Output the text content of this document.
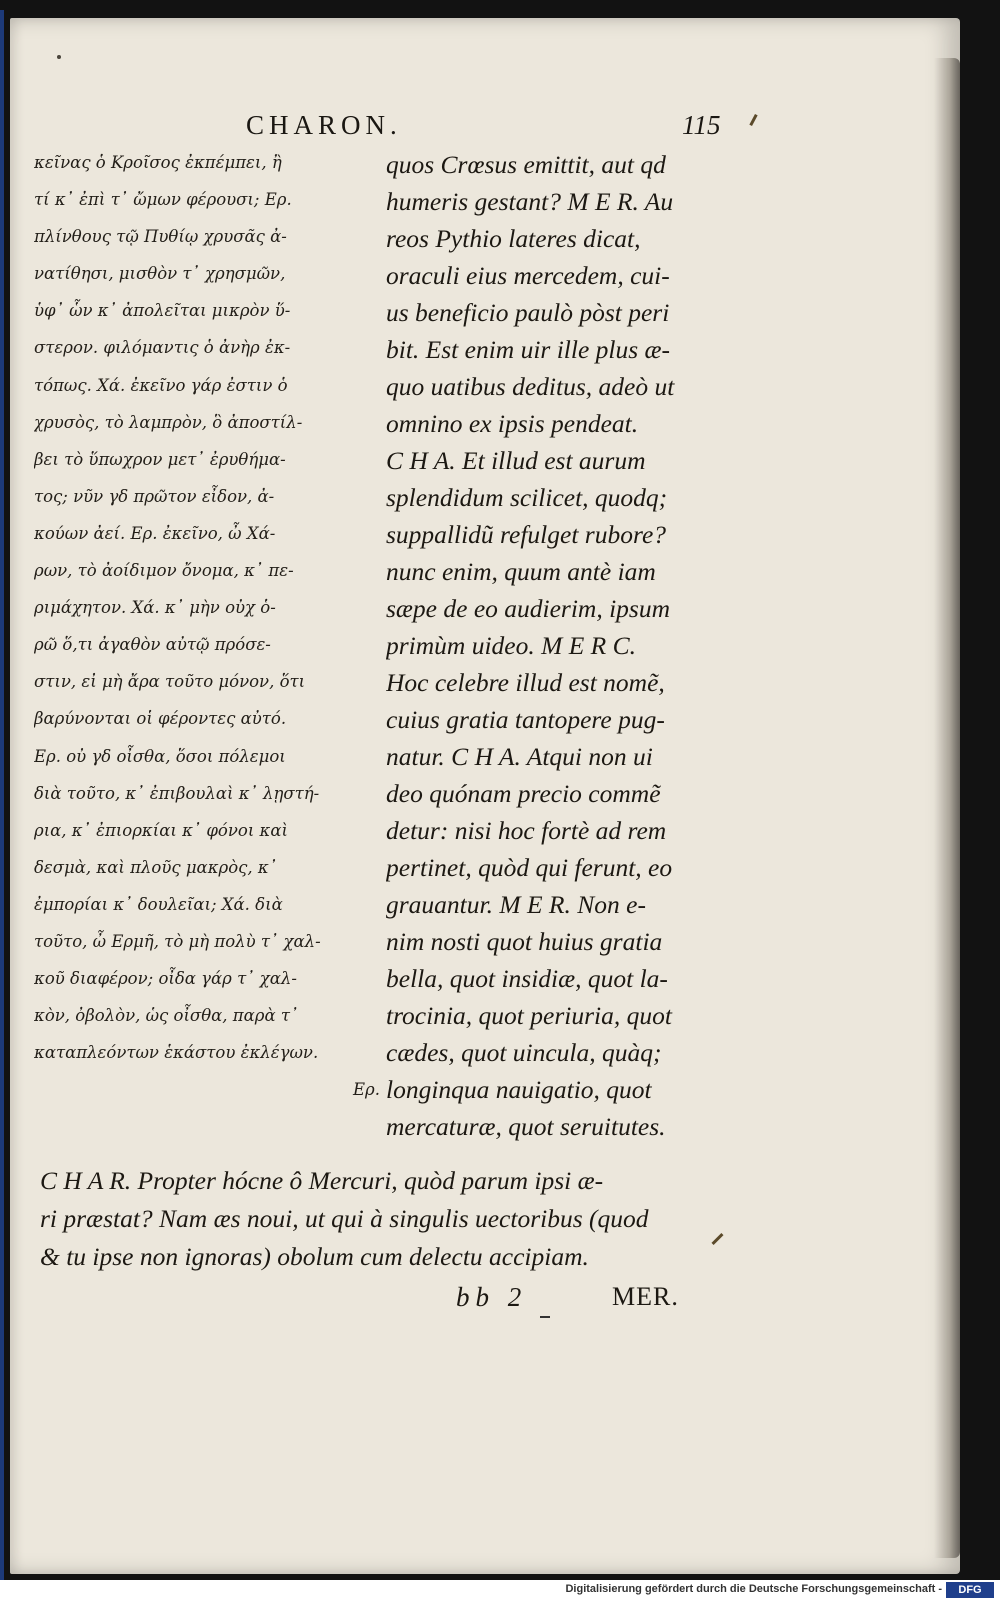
CHARON.	115
κεῖνας ὁ Κροῖσος ἐκπέμπει, ἢ
τί κ᾽ ἐπὶ τ᾽ ὤμων φέρουσι; Ερ.
πλίνθους τῷ Πυθίῳ χρυσᾶς ἀ-
νατίθησι, μισθὸν τ᾽ χρησμῶν,
ὑφ᾽ ὧν κ᾽ ἀπολεῖται μικρὸν ὕ-
στερον. φιλόμαντις ὁ ἀνὴρ ἐκ-
τόπως. Χά. ἐκεῖνο γάρ ἐστιν ὁ
χρυσὸς, τὸ λαμπρὸν, ὃ ἀποστίλ-
βει τὸ ὕπωχρον μετ᾽ ἐρυθήμα-
τος; νῦν γδ πρῶτον εἶδον, ἀ-
κούων ἀεί. Ερ. ἐκεῖνο, ὦ Χά-
ρων, τὸ ἀοίδιμον ὄνομα, κ᾽ πε-
ριμάχητον. Χά. κ᾽ μὴν οὐχ ὁ-
ρῶ ὅ,τι ἀγαθὸν αὐτῷ πρόσε-
στιν, εἰ μὴ ἄρα τοῦτο μόνον, ὅτι
βαρύνονται οἱ φέροντες αὐτό.
Ερ. οὐ γδ οἶσθα, ὅσοι πόλεμοι
διὰ τοῦτο, κ᾽ ἐπιβουλαὶ κ᾽ λῃστή-
ρια, κ᾽ ἐπιορκίαι κ᾽ φόνοι καὶ
δεσμὰ, καὶ πλοῦς μακρὸς, κ᾽
ἐμπορίαι κ᾽ δουλεῖαι; Χά. διὰ
τοῦτο, ὦ Ερμῆ, τὸ μὴ πολὺ τ᾽ χαλ-
κοῦ διαφέρον; οἶδα γάρ τ᾽ χαλ-
κὸν, ὀβολὸν, ὡς οἶσθα, παρὰ τ᾽
καταπλεόντων ἑκάστου ἐκλέγων.
Ερ.
quos Crœsus emittit, aut qd
humeris gestant? M E R. Au
reos Pythio lateres dicat,
oraculi eius mercedem, cui-
us beneficio paulò pòst peri
bit. Est enim uir ille plus æ-
quo uatibus deditus, adeò ut
omnino ex ipsis pendeat.
C H A. Et illud est aurum
splendidum scilicet, quodq;
suppallidũ refulget rubore?
nunc enim, quum antè iam
sæpe de eo audierim, ipsum
primùm uideo. M E R C.
Hoc celebre illud est nomẽ,
cuius gratia tantopere pug-
natur. C H A. Atqui non ui
deo quónam precio commẽ
detur: nisi hoc fortè ad rem
pertinet, quòd qui ferunt, eo
grauantur. M E R. Non e-
nim nosti quot huius gratia
bella, quot insidiæ, quot la-
trocinia, quot periuria, quot
cædes, quot uincula, quàq;
longinqua nauigatio, quot
mercaturæ, quot seruitutes.
C H A R. Propter hócne ô Mercuri, quòd parum ipsi æ-
ri præstat? Nam æs noui, ut qui à singulis uectoribus (quod
& tu ipse non ignoras) obolum cum delectu accipiam.
bb 2	MER.
Digitalisierung gefördert durch die Deutsche Forschungsgemeinschaft -	DFG
